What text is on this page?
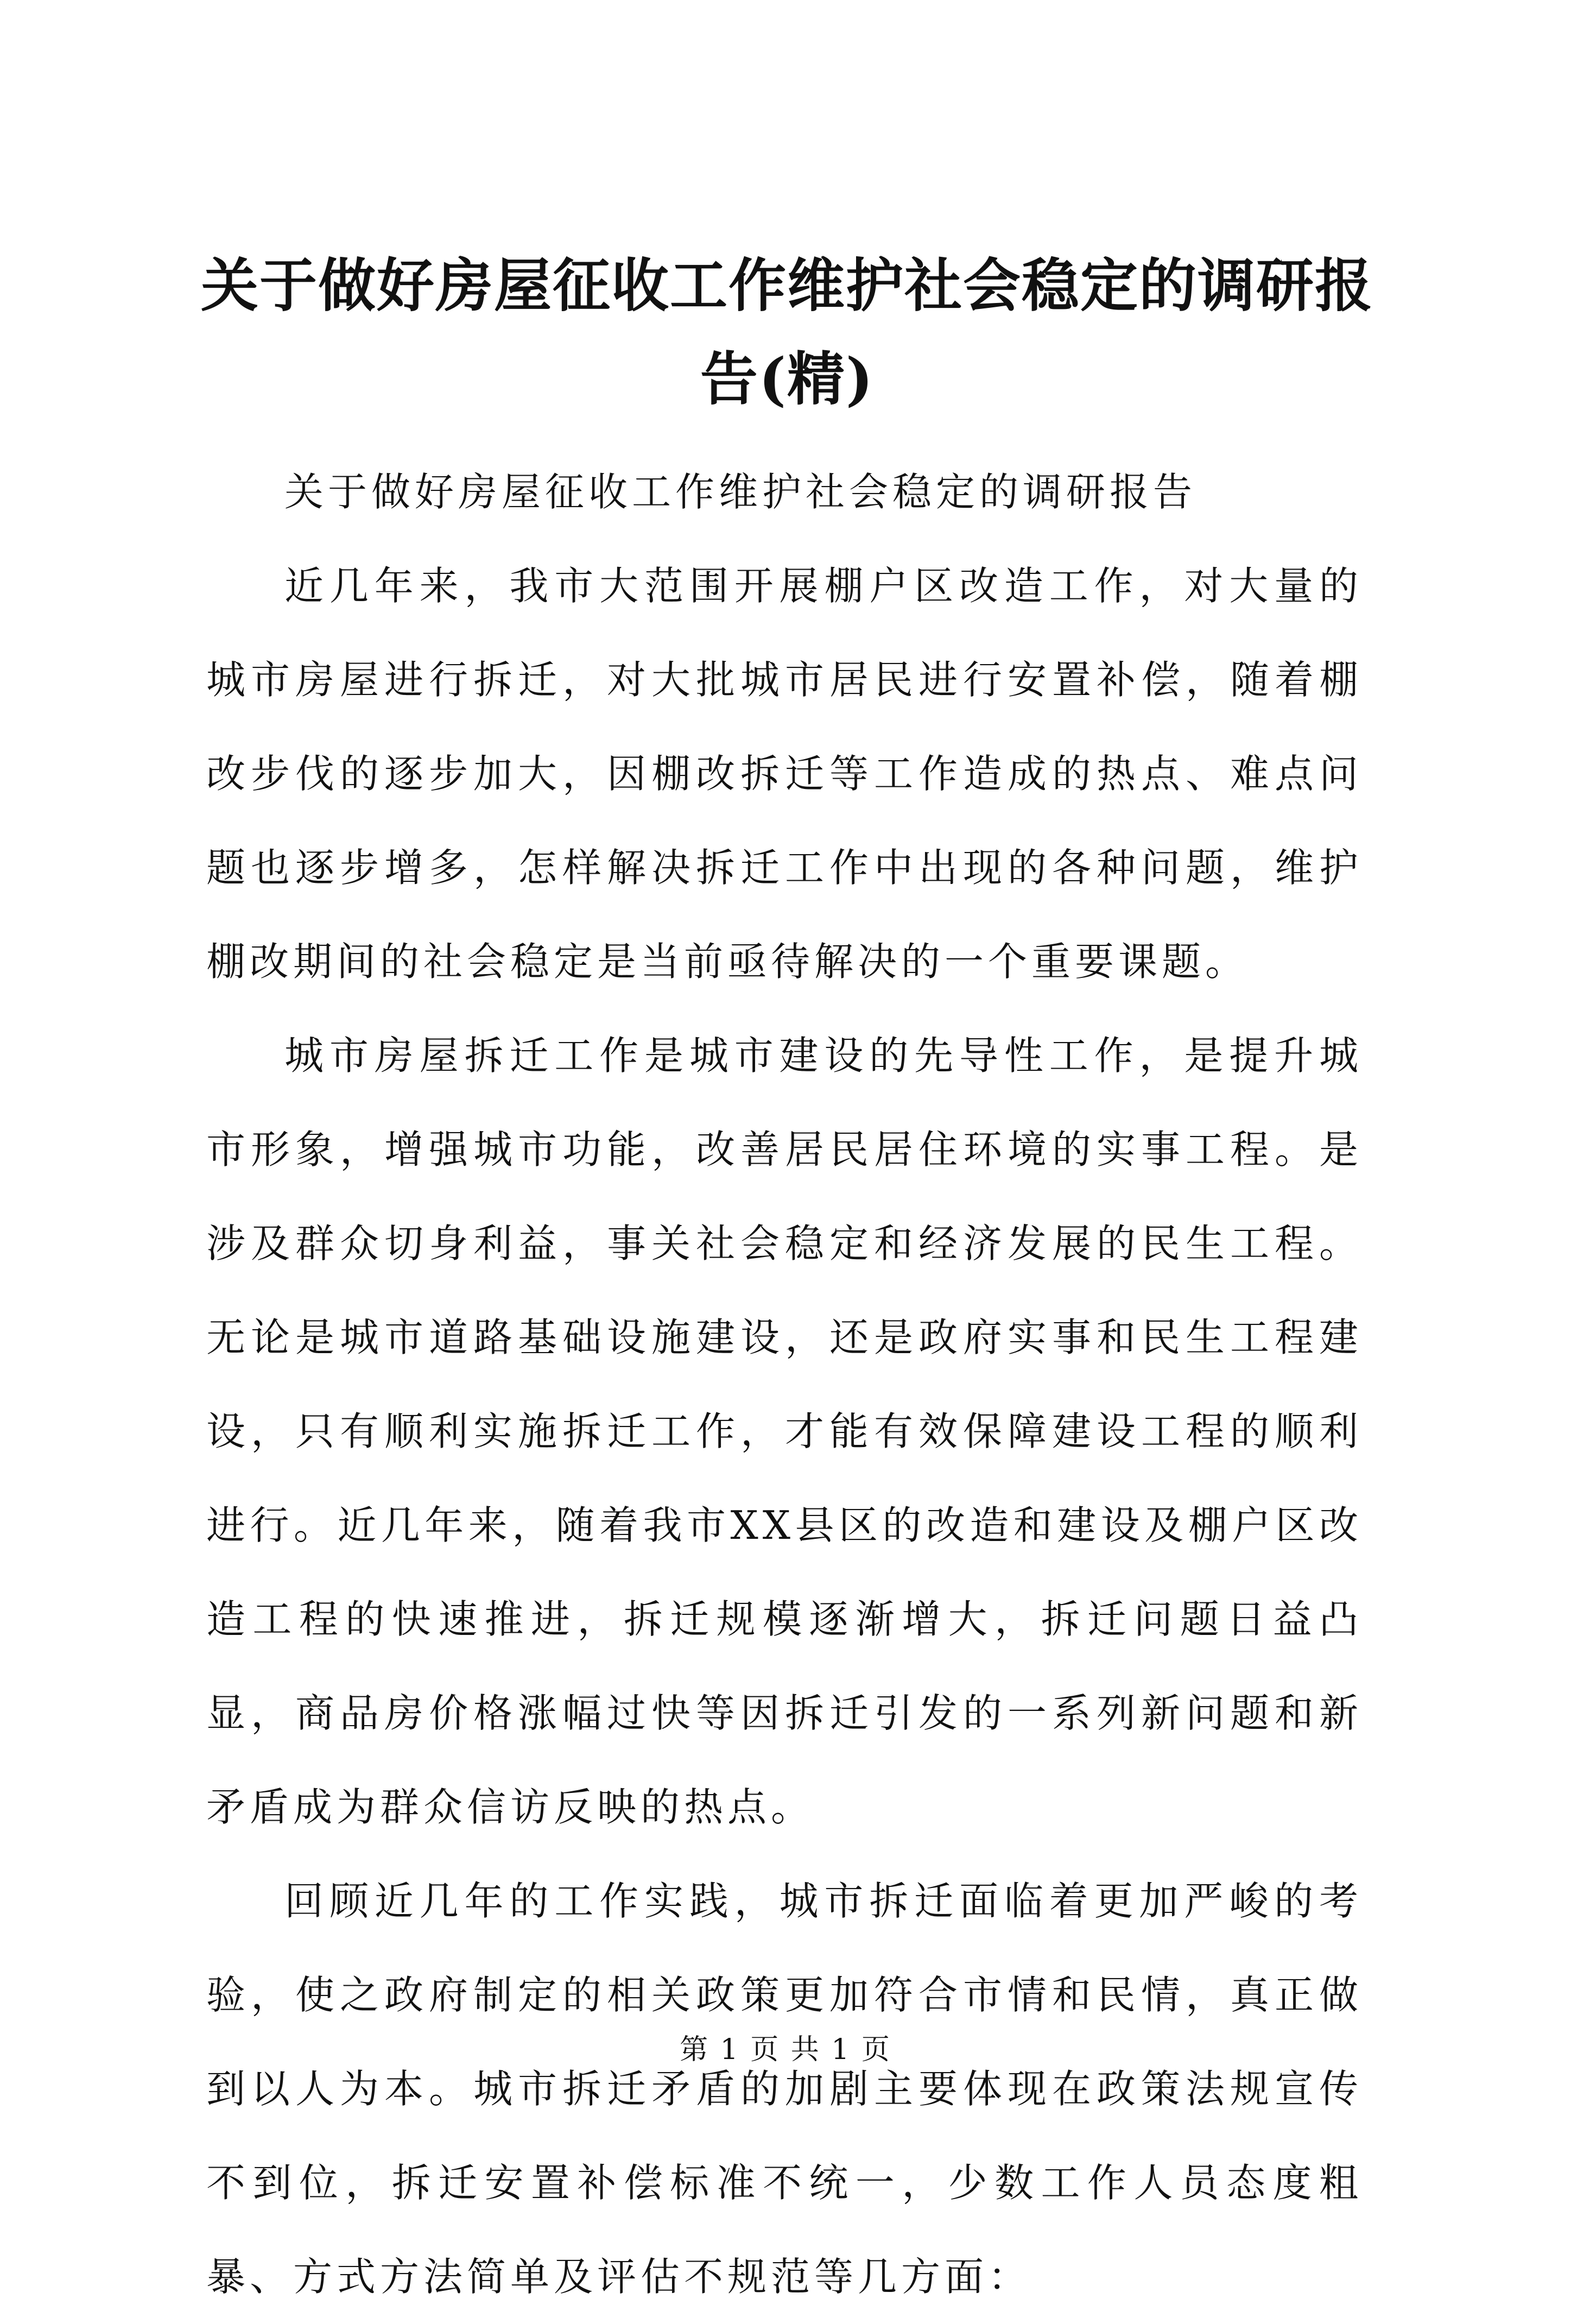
关于做好房屋征收工作维护社会稳定的调研报告(精)

关于做好房屋征收工作维护社会稳定的调研报告

近几年来，我市大范围开展棚户区改造工作，对大量的城市房屋进行拆迁，对大批城市居民进行安置补偿，随着棚改步伐的逐步加大，因棚改拆迁等工作造成的热点、难点问题也逐步增多，怎样解决拆迁工作中出现的各种问题，维护棚改期间的社会稳定是当前亟待解决的一个重要课题。

城市房屋拆迁工作是城市建设的先导性工作，是提升城市形象，增强城市功能，改善居民居住环境的实事工程。是涉及群众切身利益，事关社会稳定和经济发展的民生工程。无论是城市道路基础设施建设，还是政府实事和民生工程建设，只有顺利实施拆迁工作，才能有效保障建设工程的顺利进行。近几年来，随着我市XX县区的改造和建设及棚户区改造工程的快速推进，拆迁规模逐渐增大，拆迁问题日益凸显，商品房价格涨幅过快等因拆迁引发的一系列新问题和新矛盾成为群众信访反映的热点。

回顾近几年的工作实践，城市拆迁面临着更加严峻的考验，使之政府制定的相关政策更加符合市情和民情，真正做到以人为本。城市拆迁矛盾的加剧主要体现在政策法规宣传不到位，拆迁安置补偿标准不统一，少数工作人员态度粗暴、方式方法简单及评估不规范等几方面：

第 1 页 共 1 页
